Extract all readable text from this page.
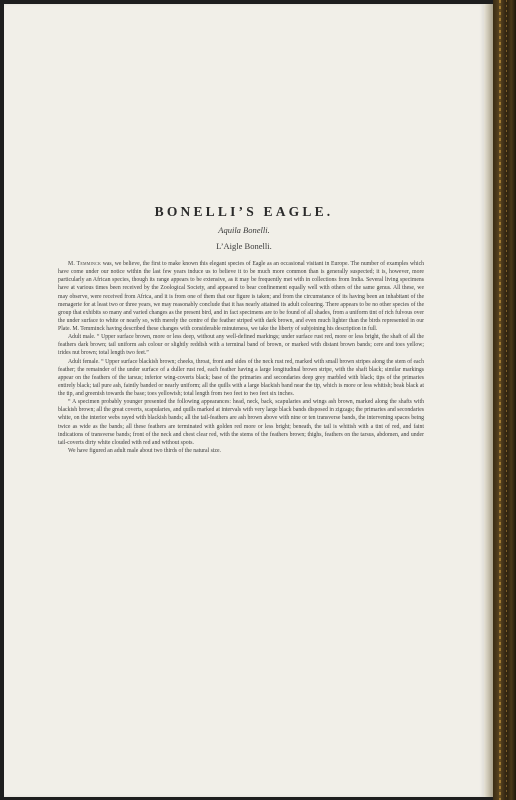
BONELLI’S EAGLE.
Aquila Bonelli.
L’Aigle Bonelli.

M. Temminck was, we believe, the first to make known this elegant species of Eagle as an occasional visitant in Europe. The number of examples which have come under our notice within the last few years induce us to believe it to be much more common than is generally suspected; it is, however, more particularly an African species, though its range appears to be extensive, as it may be frequently met with in collections from India. Several living specimens have at various times been received by the Zoological Society, and appeared to bear confinement equally well with others of the same genus. All these, we may observe, were received from Africa, and it is from one of them that our figure is taken; and from the circumstance of its having been an inhabitant of the menagerie for at least two or three years, we may reasonably conclude that it has nearly attained its adult colouring. There appears to be no other species of the group that exhibits so many and varied changes as the present bird, and in fact specimens are to be found of all shades, from a uniform tint of rich fulvous over the under surface to white or nearly so, with merely the centre of the feather striped with dark brown, and even much lighter than the birds represented in our Plate. M. Temminck having described these changes with considerable minuteness, we take the liberty of subjoining his description in full.

Adult male. “ Upper surface brown, more or less deep, without any well-defined markings; under surface rust red, more or less bright, the shaft of all the feathers dark brown; tail uniform ash colour or slightly reddish with a terminal band of brown, or marked with distant brown bands; cere and toes yellow; irides nut brown; total length two feet.”

Adult female. “ Upper surface blackish brown; cheeks, throat, front and sides of the neck rust red, marked with small brown stripes along the stem of each feather; the remainder of the under surface of a duller rust red, each feather having a large longitudinal brown stripe, with the shaft black; similar markings appear on the feathers of the tarsus; inferior wing-coverts black; base of the primaries and secondaries deep grey marbled with black; tips of the primaries entirely black; tail pure ash, faintly banded or nearly uniform; all the quills with a large blackish band near the tip, which is more or less whitish; beak black at the tip, and greenish towards the base; toes yellowish; total length from two feet to two feet six inches.

“ A specimen probably younger presented the following appearances: head, neck, back, scapularies and wings ash brown, marked along the shafts with blackish brown; all the great coverts, scapularies, and quills marked at intervals with very large black bands disposed in zigzags; the primaries and secondaries white, on the interior webs rayed with blackish bands; all the tail-feathers are ash brown above with nine or ten transverse bands, the intervening spaces being twice as wide as the bands; all these feathers are terminated with golden red more or less bright; beneath, the tail is whitish with a tint of red, and faint indications of transverse bands; front of the neck and chest clear red, with the stems of the feathers brown; thighs, feathers on the tarsus, abdomen, and under tail-coverts dirty white clouded with red and without spots.

We have figured an adult male about two thirds of the natural size.
